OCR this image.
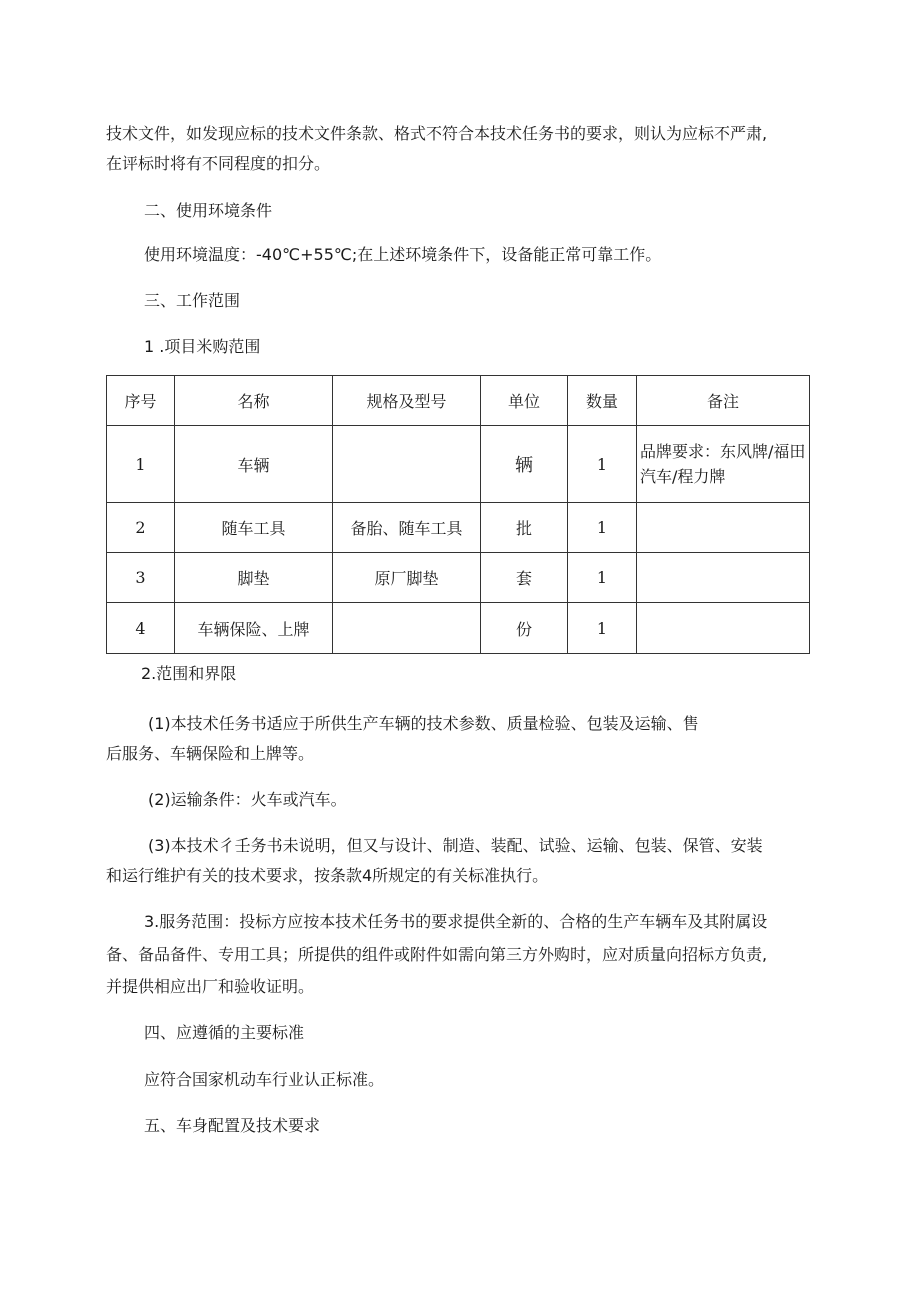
技术文件，如发现应标的技术文件条款、格式不符合本技术任务书的要求，则认为应标不严肃,
在评标时将有不同程度的扣分。
二、使用环境条件
使用环境温度：-40℃+55℃;在上述环境条件下，设备能正常可靠工作。
三、工作范围
1 .项目米购范围
序号	名称	规格及型号	单位	数量	备注
1	车辆		辆	1	品牌要求：东风牌/福田汽车/程力牌
2	随车工具	备胎、随车工具	批	1	
3	脚垫	原厂脚垫	套	1	
4	车辆保险、上牌		份	1	
2.范围和界限
(1)本技术任务书适应于所供生产车辆的技术参数、质量检验、包装及运输、售
后服务、车辆保险和上牌等。
(2)运输条件：火车或汽车。
(3)本技术彳壬务书未说明，但又与设计、制造、装配、试验、运输、包装、保管、安装
和运行维护有关的技术要求，按条款4所规定的有关标准执行。
3.服务范围：投标方应按本技术任务书的要求提供全新的、合格的生产车辆车及其附属设
备、备品备件、专用工具；所提供的组件或附件如需向第三方外购时，应对质量向招标方负责,
并提供相应出厂和验收证明。
四、应遵循的主要标准
应符合国家机动车行业认正标准。
五、车身配置及技术要求
